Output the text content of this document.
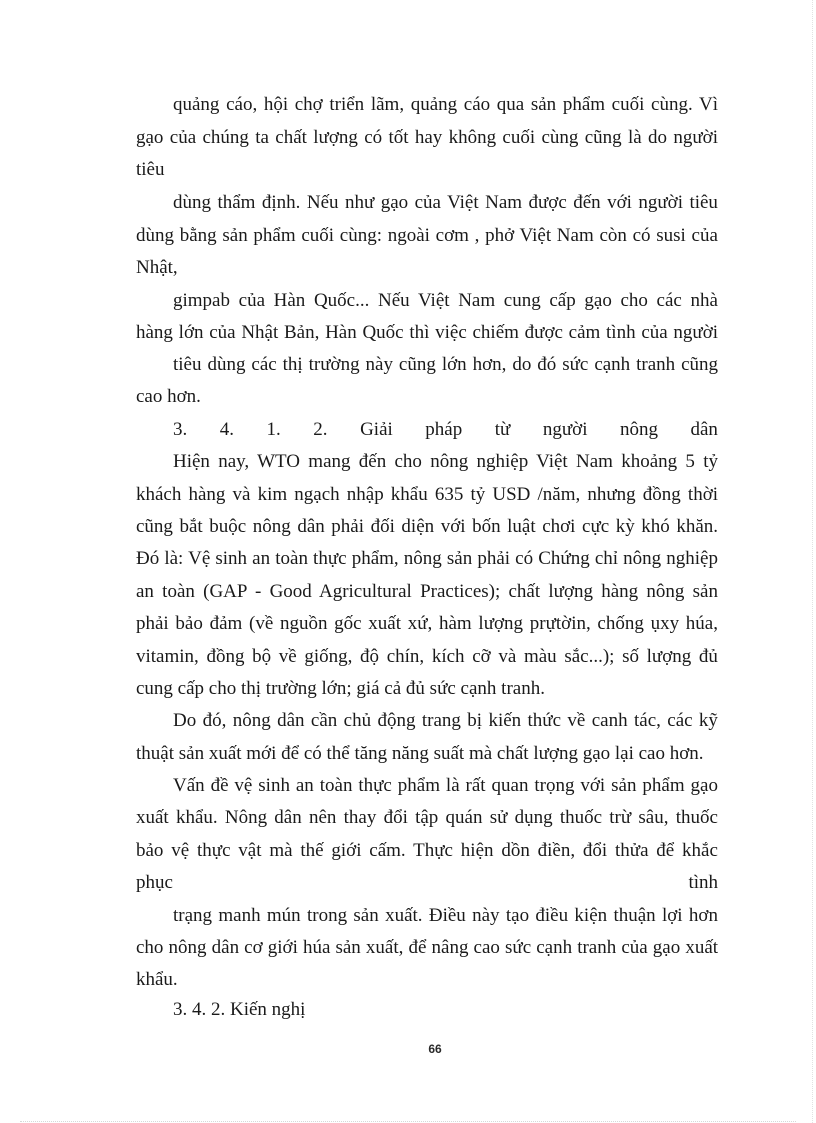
quảng cáo, hội chợ triển lãm, quảng cáo qua sản phẩm cuối cùng. Vì
gạo của chúng ta chất lượng có tốt hay không cuối cùng cũng là do người
tiêu
dùng thẩm định. Nếu như gạo của Việt Nam được đến với người tiêu
dùng bằng sản phẩm cuối cùng: ngoài cơm , phở Việt Nam còn có susi của
Nhật,
gimpab của Hàn Quốc... Nếu Việt Nam cung cấp gạo cho các nhà
hàng lớn của Nhật Bản, Hàn Quốc thì việc chiếm được cảm tình của người
tiêu dùng các thị trường này cũng lớn hơn, do đó sức cạnh tranh cũng
cao hơn.
3. 4. 1. 2. Giải pháp từ người nông dân
Hiện nay, WTO mang đến cho nông nghiệp Việt Nam khoảng 5 tỷ
khách hàng và kim ngạch nhập khẩu 635 tỷ USD /năm, nhưng đồng thời
cũng bắt buộc nông dân phải đối diện với bốn luật chơi cực kỳ khó khăn.
Đó là: Vệ sinh an toàn thực phẩm, nông sản phải có Chứng chỉ nông nghiệp
an toàn (GAP - Good Agricultural Practices); chất lượng hàng nông sản
phải bảo đảm (về nguồn gốc xuất xứ, hàm lượng prựtờin, chống ụxy húa,
vitamin, đồng bộ về giống, độ chín, kích cỡ và màu sắc...); số lượng đủ
cung cấp cho thị trường lớn; giá cả đủ sức cạnh tranh.
Do đó, nông dân cần chủ động trang bị kiến thức về canh tác, các kỹ
thuật sản xuất mới để có thể tăng năng suất mà chất lượng gạo lại cao hơn.
Vấn đề vệ sinh an toàn thực phẩm là rất quan trọng với sản phẩm gạo
xuất khẩu. Nông dân nên thay đổi tập quán sử dụng thuốc trừ sâu, thuốc
bảo vệ thực vật mà thế giới cấm. Thực hiện dồn điền, đổi thửa để khắc
phục	tình
trạng manh mún trong sản xuất. Điều này tạo điều kiện thuận lợi hơn
cho nông dân cơ giới húa sản xuất, để nâng cao sức cạnh tranh của gạo xuất
khẩu.
3. 4. 2. Kiến nghị
66
